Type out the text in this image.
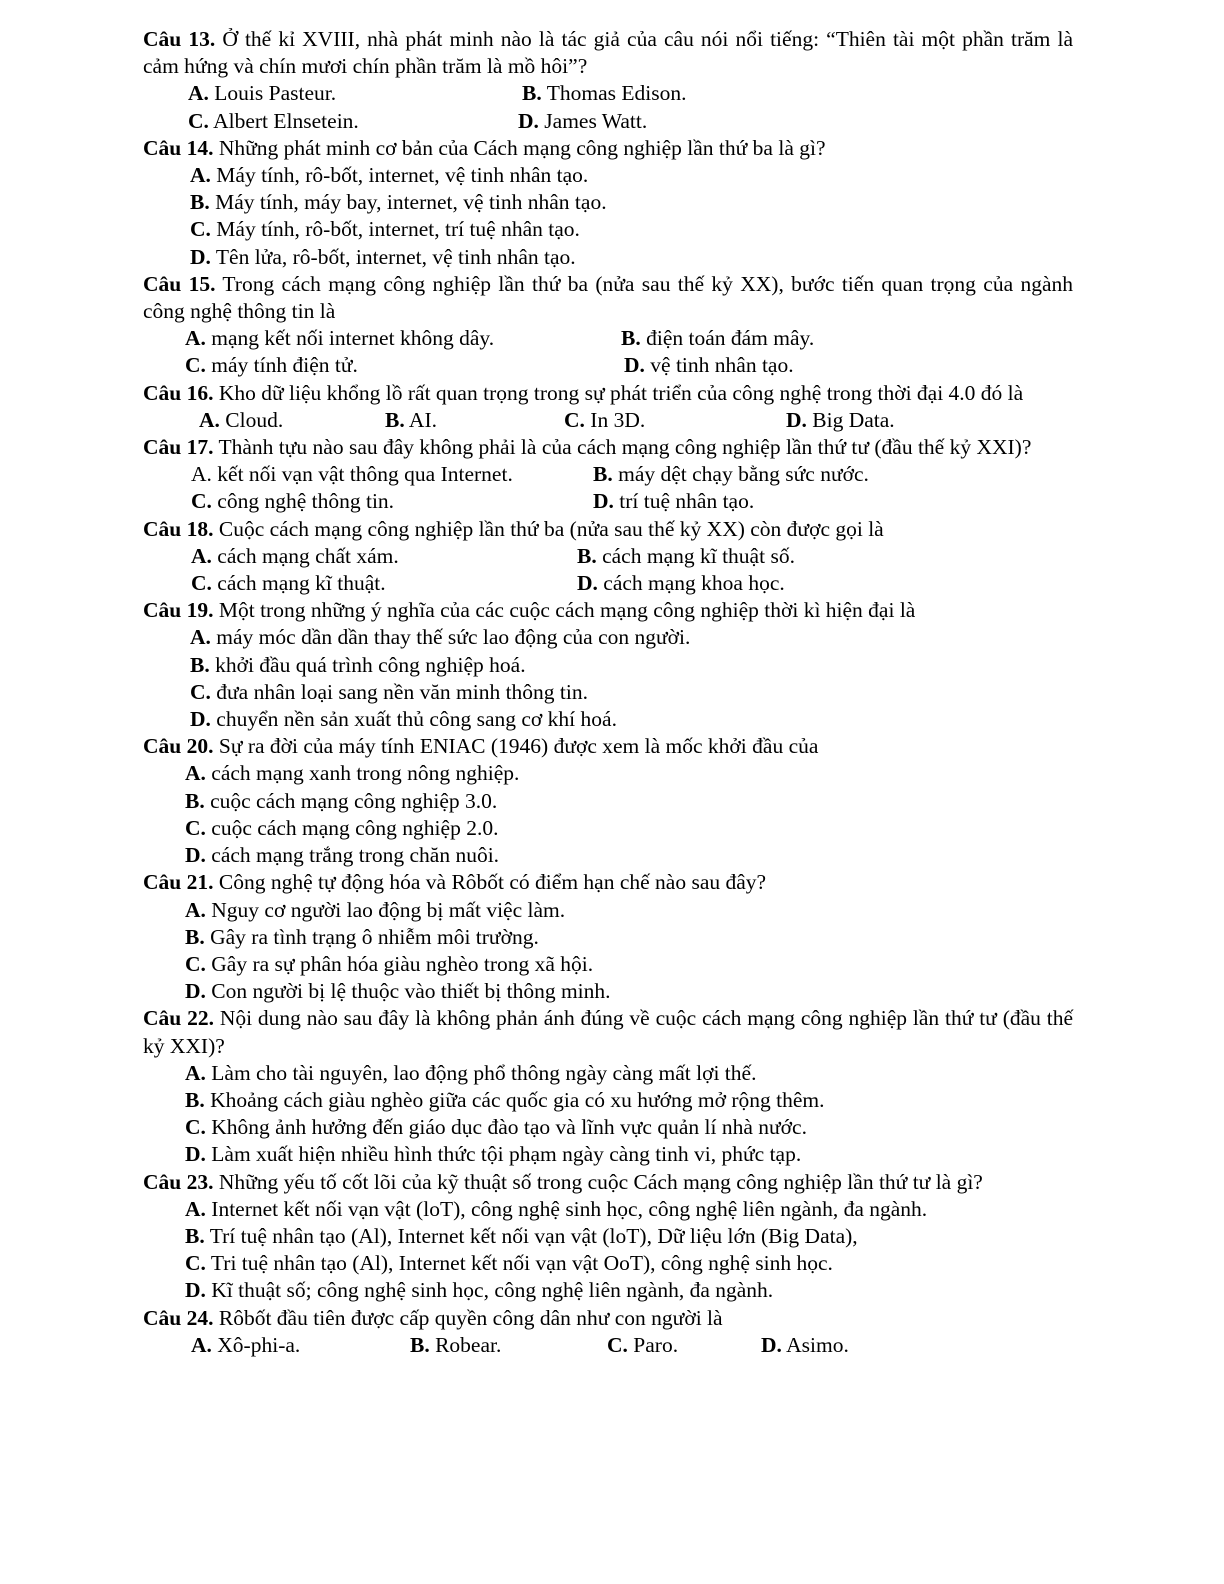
Câu 13. Ở thế kỉ XVIII, nhà phát minh nào là tác giả của câu nói nổi tiếng: “Thiên tài một phần trăm là cảm hứng và chín mươi chín phần trăm là mồ hôi”?

A. Louis Pasteur.	B. Thomas Edison.
C. Albert Elnsetein.	D. James Watt.

Câu 14. Những phát minh cơ bản của Cách mạng công nghiệp lần thứ ba là gì?

A. Máy tính, rô-bốt, internet, vệ tinh nhân tạo.

B. Máy tính, máy bay, internet, vệ tinh nhân tạo.

C. Máy tính, rô-bốt, internet, trí tuệ nhân tạo.

D. Tên lửa, rô-bốt, internet, vệ tinh nhân tạo.

Câu 15. Trong cách mạng công nghiệp lần thứ ba (nửa sau thế kỷ XX), bước tiến quan trọng của ngành công nghệ thông tin là

A. mạng kết nối internet không dây.	B. điện toán đám mây.
C. máy tính điện tử.	D. vệ tinh nhân tạo.

Câu 16. Kho dữ liệu khổng lồ rất quan trọng trong sự phát triển của công nghệ trong thời đại 4.0 đó là

A. Cloud.	B. AI.	C. In 3D.	D. Big Data.

Câu 17. Thành tựu nào sau đây không phải là của cách mạng công nghiệp lần thứ tư (đầu thế kỷ XXI)?

A. kết nối vạn vật thông qua Internet.	B. máy dệt chạy bằng sức nước.
C. công nghệ thông tin.	D. trí tuệ nhân tạo.

Câu 18. Cuộc cách mạng công nghiệp lần thứ ba (nửa sau thế kỷ XX) còn được gọi là

A. cách mạng chất xám.	B. cách mạng kĩ thuật số.
C. cách mạng kĩ thuật.	D. cách mạng khoa học.

Câu 19. Một trong những ý nghĩa của các cuộc cách mạng công nghiệp thời kì hiện đại là

A. máy móc dần dần thay thế sức lao động của con người.

B. khởi đầu quá trình công nghiệp hoá.

C. đưa nhân loại sang nền văn minh thông tin.

D. chuyển nền sản xuất thủ công sang cơ khí hoá.

Câu 20. Sự ra đời của máy tính ENIAC (1946) được xem là mốc khởi đầu của

A. cách mạng xanh trong nông nghiệp.

B. cuộc cách mạng công nghiệp 3.0.

C. cuộc cách mạng công nghiệp 2.0.

D. cách mạng trắng trong chăn nuôi.

Câu 21. Công nghệ tự động hóa và Rôbốt có điểm hạn chế nào sau đây?

A. Nguy cơ người lao động bị mất việc làm.

B. Gây ra tình trạng ô nhiễm môi trường.

C. Gây ra sự phân hóa giàu nghèo trong xã hội.

D. Con người bị lệ thuộc vào thiết bị thông minh.

Câu 22. Nội dung nào sau đây là không phản ánh đúng về cuộc cách mạng công nghiệp lần thứ tư (đầu thế kỷ XXI)?

A. Làm cho tài nguyên, lao động phổ thông ngày càng mất lợi thế.

B. Khoảng cách giàu nghèo giữa các quốc gia có xu hướng mở rộng thêm.

C. Không ảnh hưởng đến giáo dục đào tạo và lĩnh vực quản lí nhà nước.

D. Làm xuất hiện nhiều hình thức tội phạm ngày càng tinh vi, phức tạp.

Câu 23. Những yếu tố cốt lõi của kỹ thuật số trong cuộc Cách mạng công nghiệp lần thứ tư là gì?

A. Internet kết nối vạn vật (loT), công nghệ sinh học, công nghệ liên ngành, đa ngành.

B. Trí tuệ nhân tạo (Al), Internet kết nối vạn vật (loT), Dữ liệu lớn (Big Data),

C. Tri tuệ nhân tạo (Al), Internet kết nối vạn vật OoT), công nghệ sinh học.

D. Kĩ thuật số; công nghệ sinh học, công nghệ liên ngành, đa ngành.

Câu 24. Rôbốt đầu tiên được cấp quyền công dân như con người là

A. Xô-phi-a.	B. Robear.	C. Paro.	D. Asimo.
